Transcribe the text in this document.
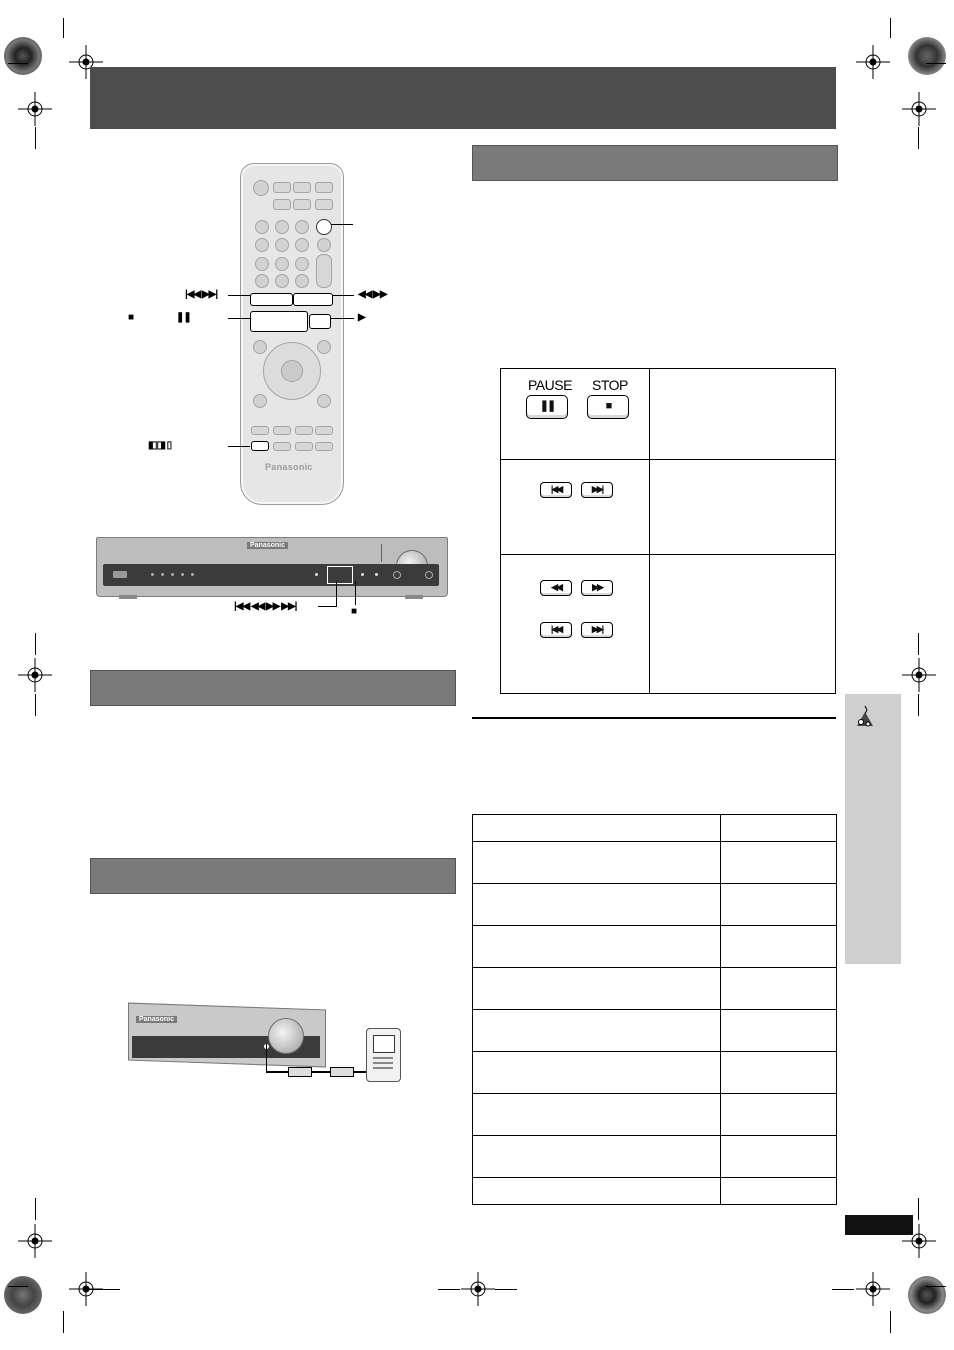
Panasonic
|◀◀ ▶▶|	◀◀ ▶▶
■	❚❚	▶
◧◨ ▯
Panasonic
|◀◀ ◀◀ ▶▶ ▶▶|	■
PAUSE STOP
❚❚	■
|◀◀	▶▶|
◀◀	▶▶
|◀◀	▶▶|

Panasonic
